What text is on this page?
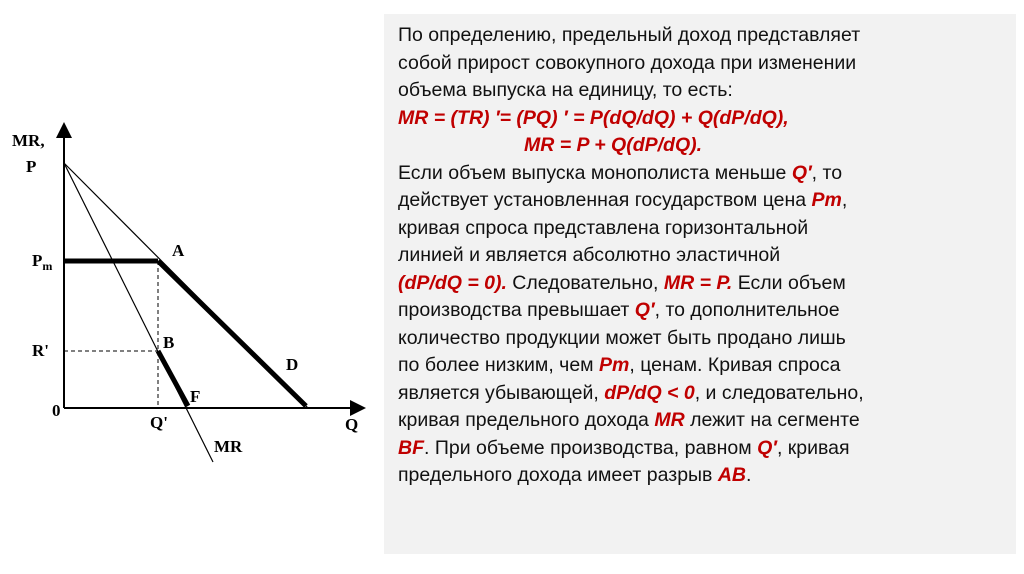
MR,
P
$P_m$
R'
0
Q'	Q
A
B
F
D
MR
По определению, предельный доход представляет
собой прирост совокупного дохода при изменении
объема выпуска на единицу, то есть:
MR = (TR) ′= (PQ) ′ = P(dQ/dQ) + Q(dP/dQ),
MR = P + Q(dP/dQ).
Если объем выпуска монополиста меньше Q′, то
действует установленная государством цена Pm,
кривая спроса представлена горизонтальной
линией и является абсолютно эластичной
(dP/dQ = 0). Следовательно, MR = P. Если объем
производства превышает Q′, то дополнительное
количество продукции может быть продано лишь
по более низким, чем Pm, ценам. Кривая спроса
является убывающей, dP/dQ < 0, и следовательно,
кривая предельного дохода MR лежит на сегменте
BF. При объеме производства, равном Q′, кривая
предельного дохода имеет разрыв AB.
